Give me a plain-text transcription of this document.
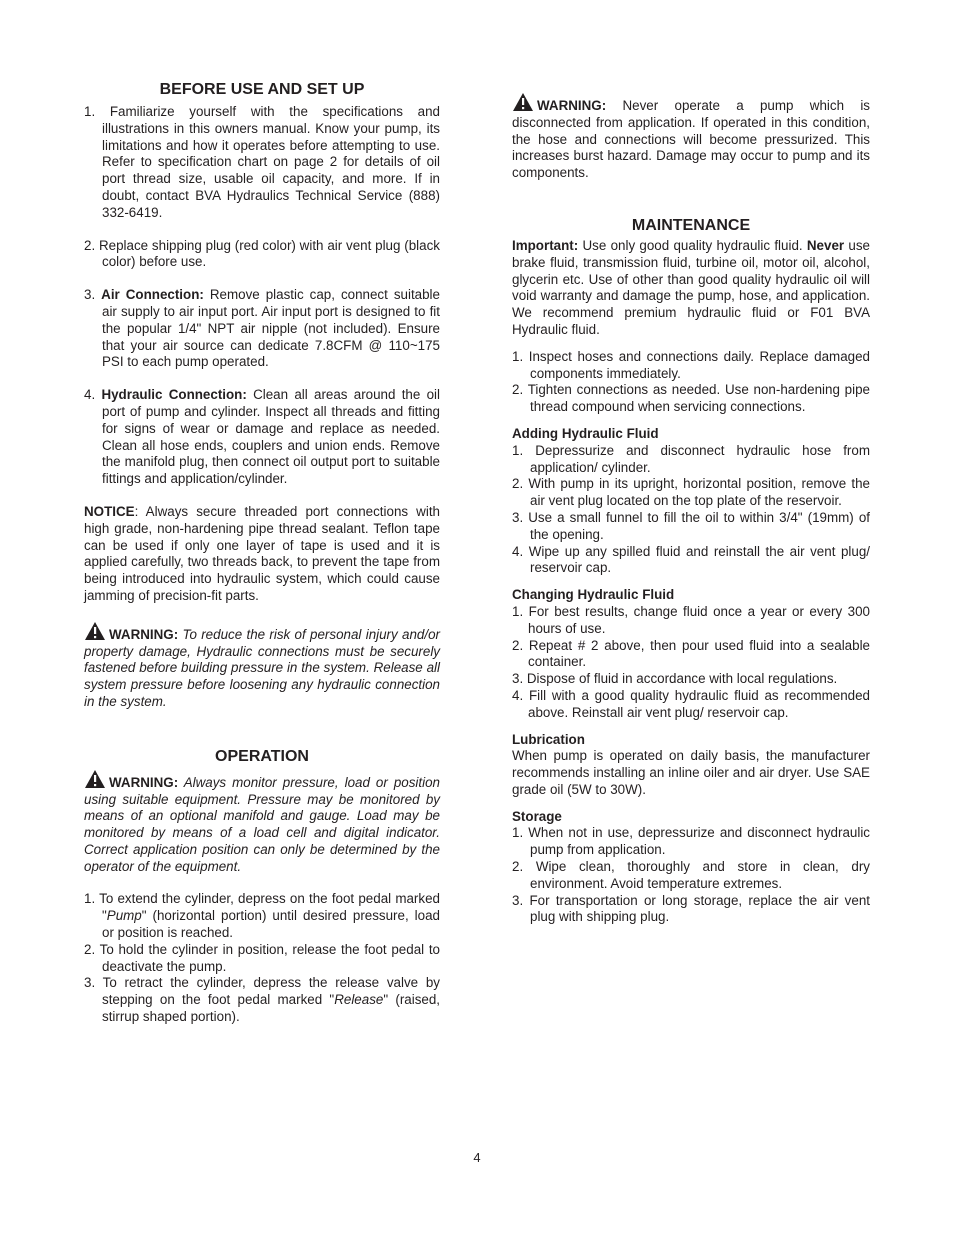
BEFORE USE AND SET UP

1. Familiarize yourself with the specifications and illustrations in this owners manual. Know your pump, its limitations and how it operates before attempting to use. Refer to specification chart on page 2 for details of oil port thread size, usable oil capacity, and more. If in doubt, contact BVA Hydraulics Technical Service (888) 332-6419.

2. Replace shipping plug (red color) with air vent plug (black color) before use.

3. Air Connection: Remove plastic cap, connect suitable air supply to air input port. Air input port is designed to fit the popular 1/4" NPT air nipple (not included). Ensure that your air source can dedicate 7.8CFM @ 110~175 PSI to each pump operated.

4. Hydraulic Connection: Clean all areas around the oil port of pump and cylinder. Inspect all threads and fitting for signs of wear or damage and replace as needed. Clean all hose ends, couplers and union ends. Remove the manifold plug, then connect oil output port to suitable fittings and application/cylinder.

NOTICE: Always secure threaded port connections with high grade, non-hardening pipe thread sealant. Teflon tape can be used if only one layer of tape is used and it is applied carefully, two threads back, to prevent the tape from being introduced into hydraulic system, which could cause jamming of precision-fit parts.

WARNING: To reduce the risk of personal injury and/or property damage, Hydraulic connections must be securely fastened before building pressure in the system. Release all system pressure before loosening any hydraulic connection in the system.

OPERATION

WARNING: Always monitor pressure, load or position using suitable equipment. Pressure may be monitored by means of an optional manifold and gauge. Load may be monitored by means of a load cell and digital indicator. Correct application position can only be determined by the operator of the equipment.

1. To extend the cylinder, depress on the foot pedal marked "Pump" (horizontal portion) until desired pressure, load or position is reached.

2. To hold the cylinder in position, release the foot pedal to deactivate the pump.

3. To retract the cylinder, depress the release valve by stepping on the foot pedal marked "Release" (raised, stirrup shaped portion).

WARNING: Never operate a pump which is disconnected from application. If operated in this condition, the hose and connections will become pressurized. This increases burst hazard. Damage may occur to pump and its components.

MAINTENANCE

Important: Use only good quality hydraulic fluid. Never use brake fluid, transmission fluid, turbine oil, motor oil, alcohol, glycerin etc. Use of other than good quality hydraulic oil will void warranty and damage the pump, hose, and application. We recommend premium hydraulic fluid or F01 BVA Hydraulic fluid.

1. Inspect hoses and connections daily. Replace damaged components immediately.

2. Tighten connections as needed. Use non-hardening pipe thread compound when servicing connections.

Adding Hydraulic Fluid

1. Depressurize and disconnect hydraulic hose from application/ cylinder.

2. With pump in its upright, horizontal position, remove the air vent plug located on the top plate of the reservoir.

3. Use a small funnel to fill the oil to within 3/4" (19mm) of the opening.

4. Wipe up any spilled fluid and reinstall the air vent plug/ reservoir cap.

Changing Hydraulic Fluid

1. For best results, change fluid once a year or every 300 hours of use.

2. Repeat # 2 above, then pour used fluid into a sealable container.

3. Dispose of fluid in accordance with local regulations.

4. Fill with a good quality hydraulic fluid as recommended above. Reinstall air vent plug/ reservoir cap.

Lubrication

When pump is operated on daily basis, the manufacturer recommends installing an inline oiler and air dryer. Use SAE grade oil (5W to 30W).

Storage

1. When not in use, depressurize and disconnect hydraulic pump from application.

2. Wipe clean, thoroughly and store in clean, dry environment. Avoid temperature extremes.

3. For transportation or long storage, replace the air vent plug with shipping plug.

4
